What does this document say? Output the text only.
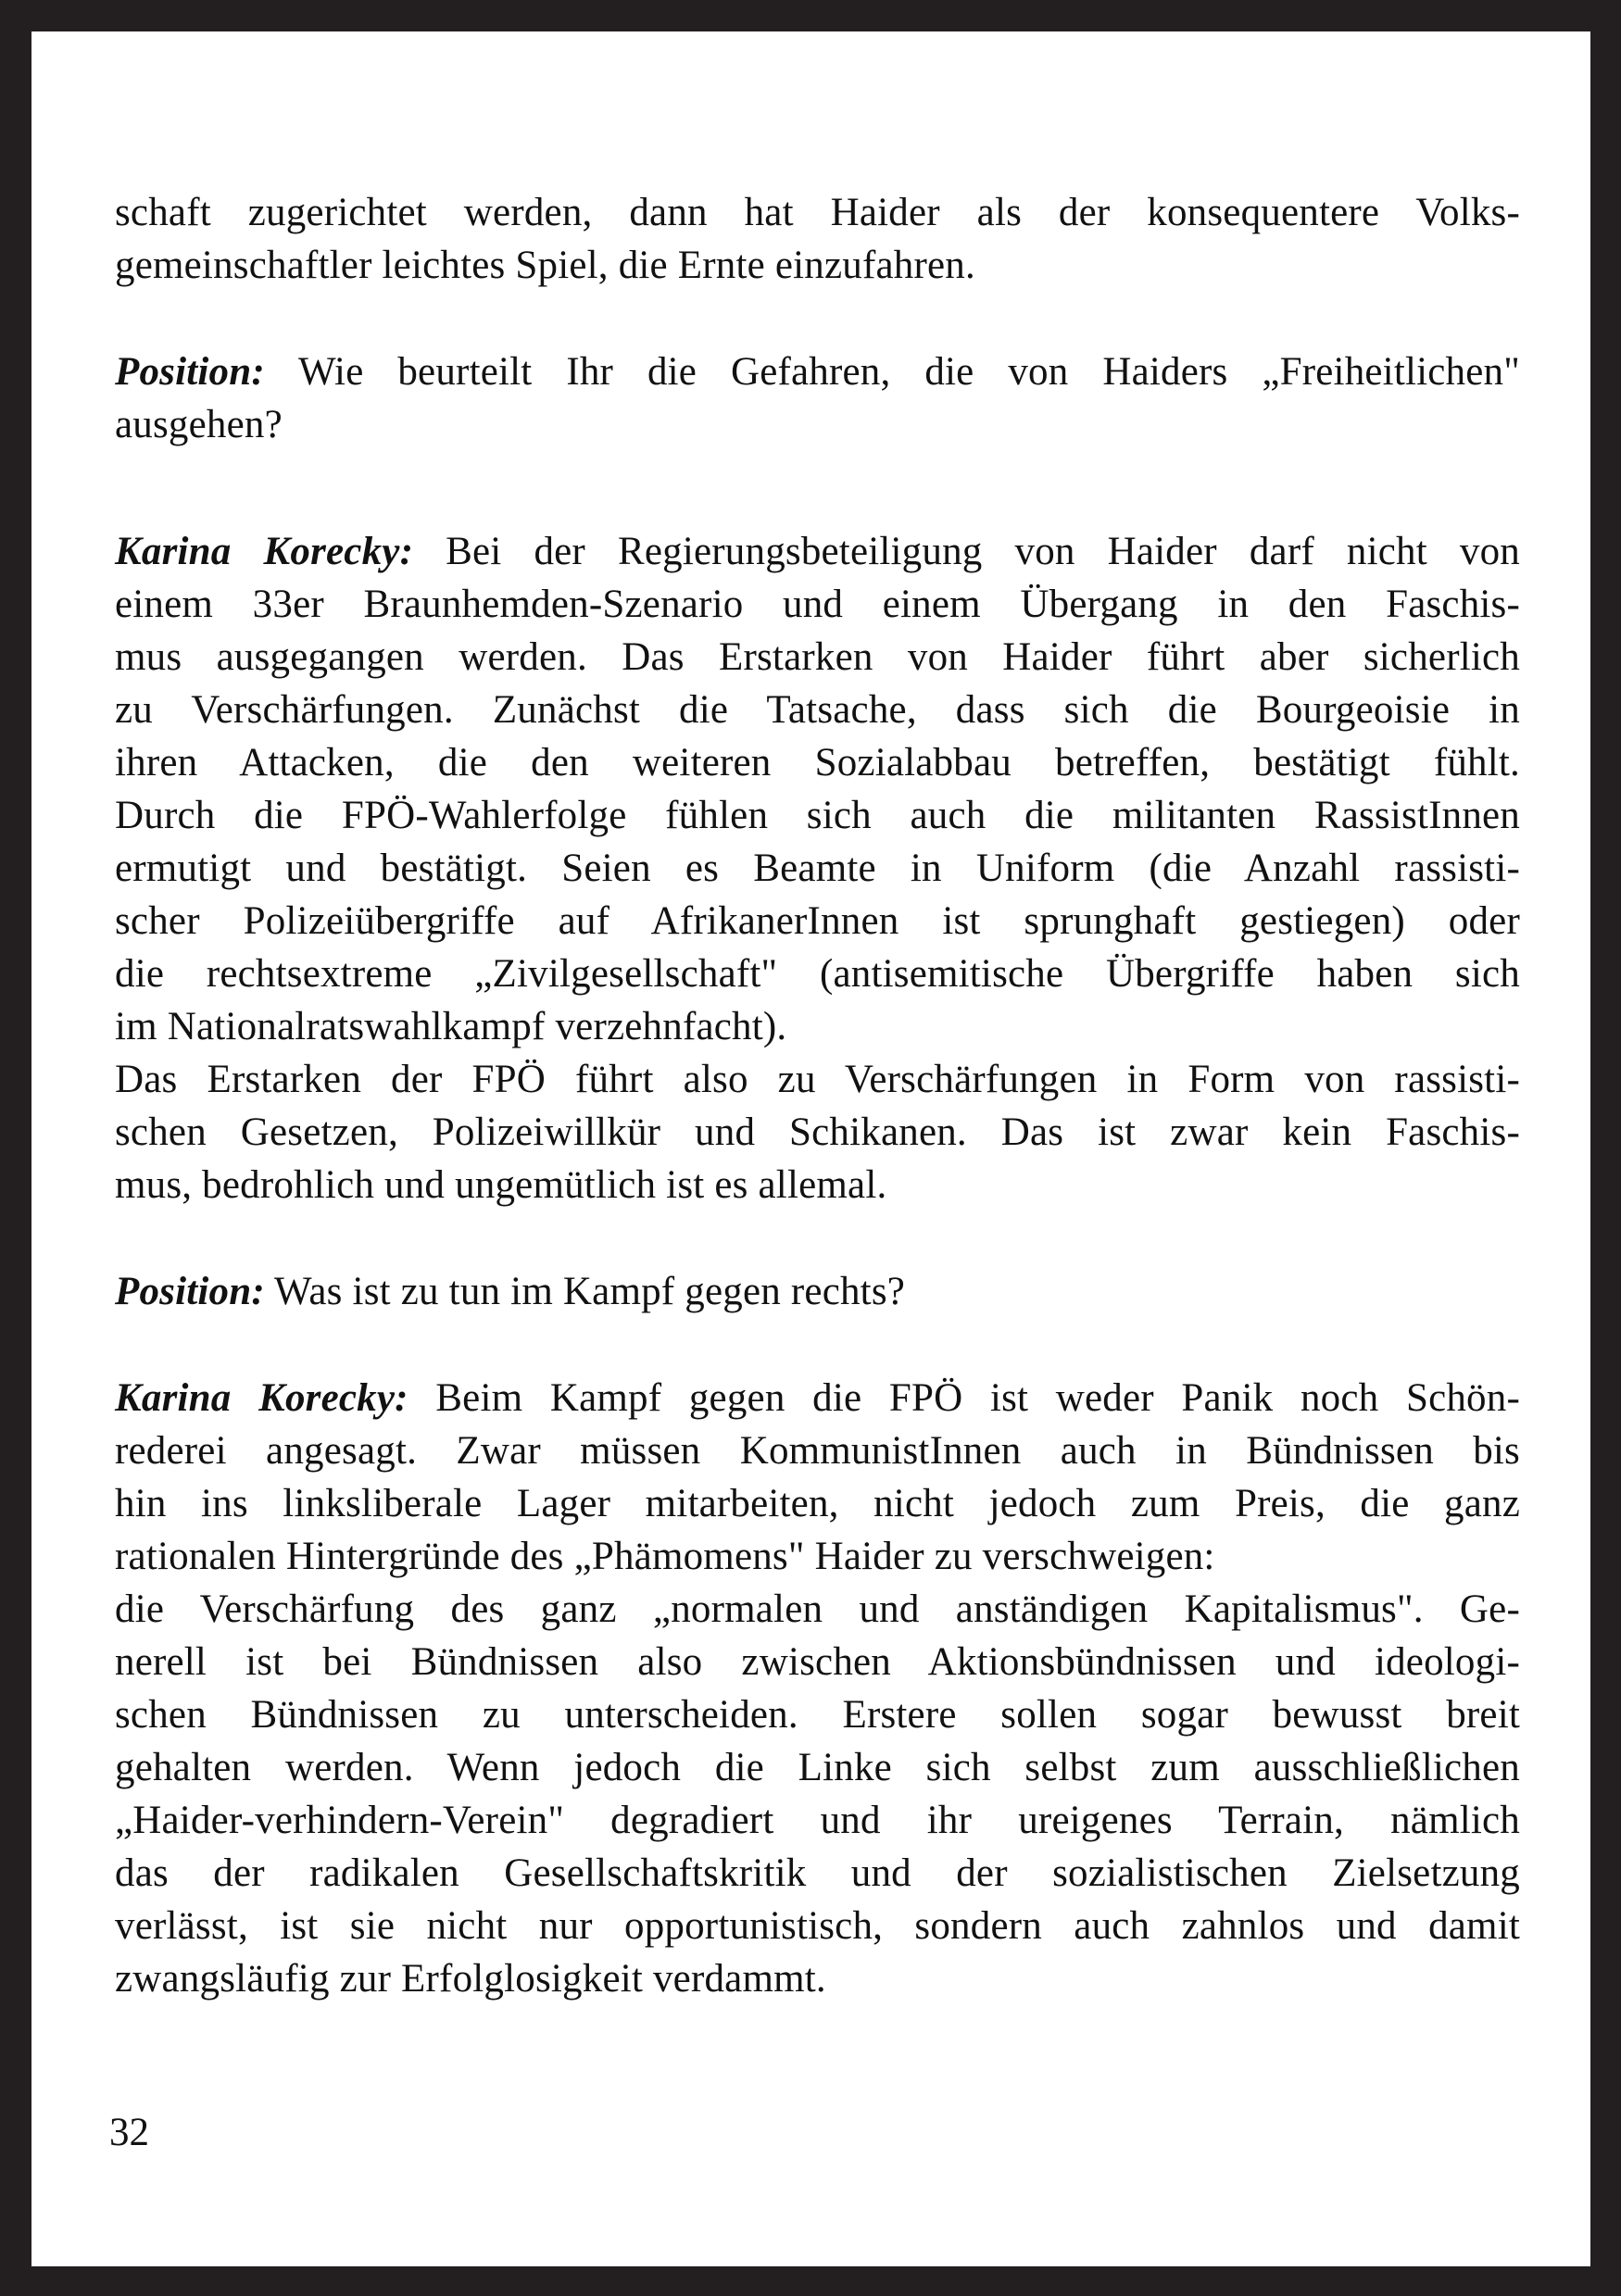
schaft zugerichtet werden, dann hat Haider als der konsequentere Volks-
gemeinschaftler leichtes Spiel, die Ernte einzufahren.
Position: Wie beurteilt Ihr die Gefahren, die von Haiders „Freiheitlichen"
ausgehen?
Karina Korecky: Bei der Regierungsbeteiligung von Haider darf nicht von
einem 33er Braunhemden-Szenario und einem Übergang in den Faschis-
mus ausgegangen werden. Das Erstarken von Haider führt aber sicherlich
zu Verschärfungen. Zunächst die Tatsache, dass sich die Bourgeoisie in
ihren Attacken, die den weiteren Sozialabbau betreffen, bestätigt fühlt.
Durch die FPÖ-Wahlerfolge fühlen sich auch die militanten RassistInnen
ermutigt und bestätigt. Seien es Beamte in Uniform (die Anzahl rassisti-
scher Polizeiübergriffe auf AfrikanerInnen ist sprunghaft gestiegen) oder
die rechtsextreme „Zivilgesellschaft" (antisemitische Übergriffe haben sich
im Nationalratswahlkampf verzehnfacht).
Das Erstarken der FPÖ führt also zu Verschärfungen in Form von rassisti-
schen Gesetzen, Polizeiwillkür und Schikanen. Das ist zwar kein Faschis-
mus, bedrohlich und ungemütlich ist es allemal.
Position: Was ist zu tun im Kampf gegen rechts?
Karina Korecky: Beim Kampf gegen die FPÖ ist weder Panik noch Schön-
rederei angesagt. Zwar müssen KommunistInnen auch in Bündnissen bis
hin ins linksliberale Lager mitarbeiten, nicht jedoch zum Preis, die ganz
rationalen Hintergründe des „Phämomens" Haider zu verschweigen:
die Verschärfung des ganz „normalen und anständigen Kapitalismus". Ge-
nerell ist bei Bündnissen also zwischen Aktionsbündnissen und ideologi-
schen Bündnissen zu unterscheiden. Erstere sollen sogar bewusst breit
gehalten werden. Wenn jedoch die Linke sich selbst zum ausschließlichen
„Haider-verhindern-Verein" degradiert und ihr ureigenes Terrain, nämlich
das der radikalen Gesellschaftskritik und der sozialistischen Zielsetzung
verlässt, ist sie nicht nur opportunistisch, sondern auch zahnlos und damit
zwangsläufig zur Erfolglosigkeit verdammt.
32
